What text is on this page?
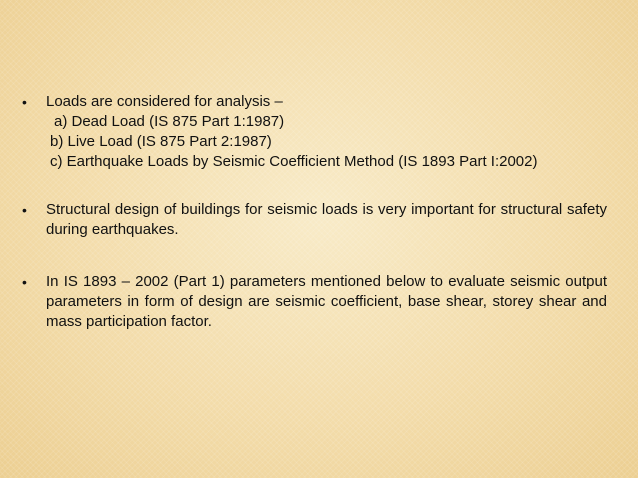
•	Loads are considered for analysis –
a) Dead Load (IS 875 Part 1:1987)
b) Live Load (IS 875 Part 2:1987)
c) Earthquake Loads by Seismic Coefficient Method (IS 1893 Part I:2002)
•	Structural design of buildings for seismic loads is very important for structural safety during earthquakes.
•	In IS 1893 – 2002 (Part 1) parameters mentioned below to evaluate seismic output parameters in form of design are seismic coefficient, base shear, storey shear and mass participation factor.
